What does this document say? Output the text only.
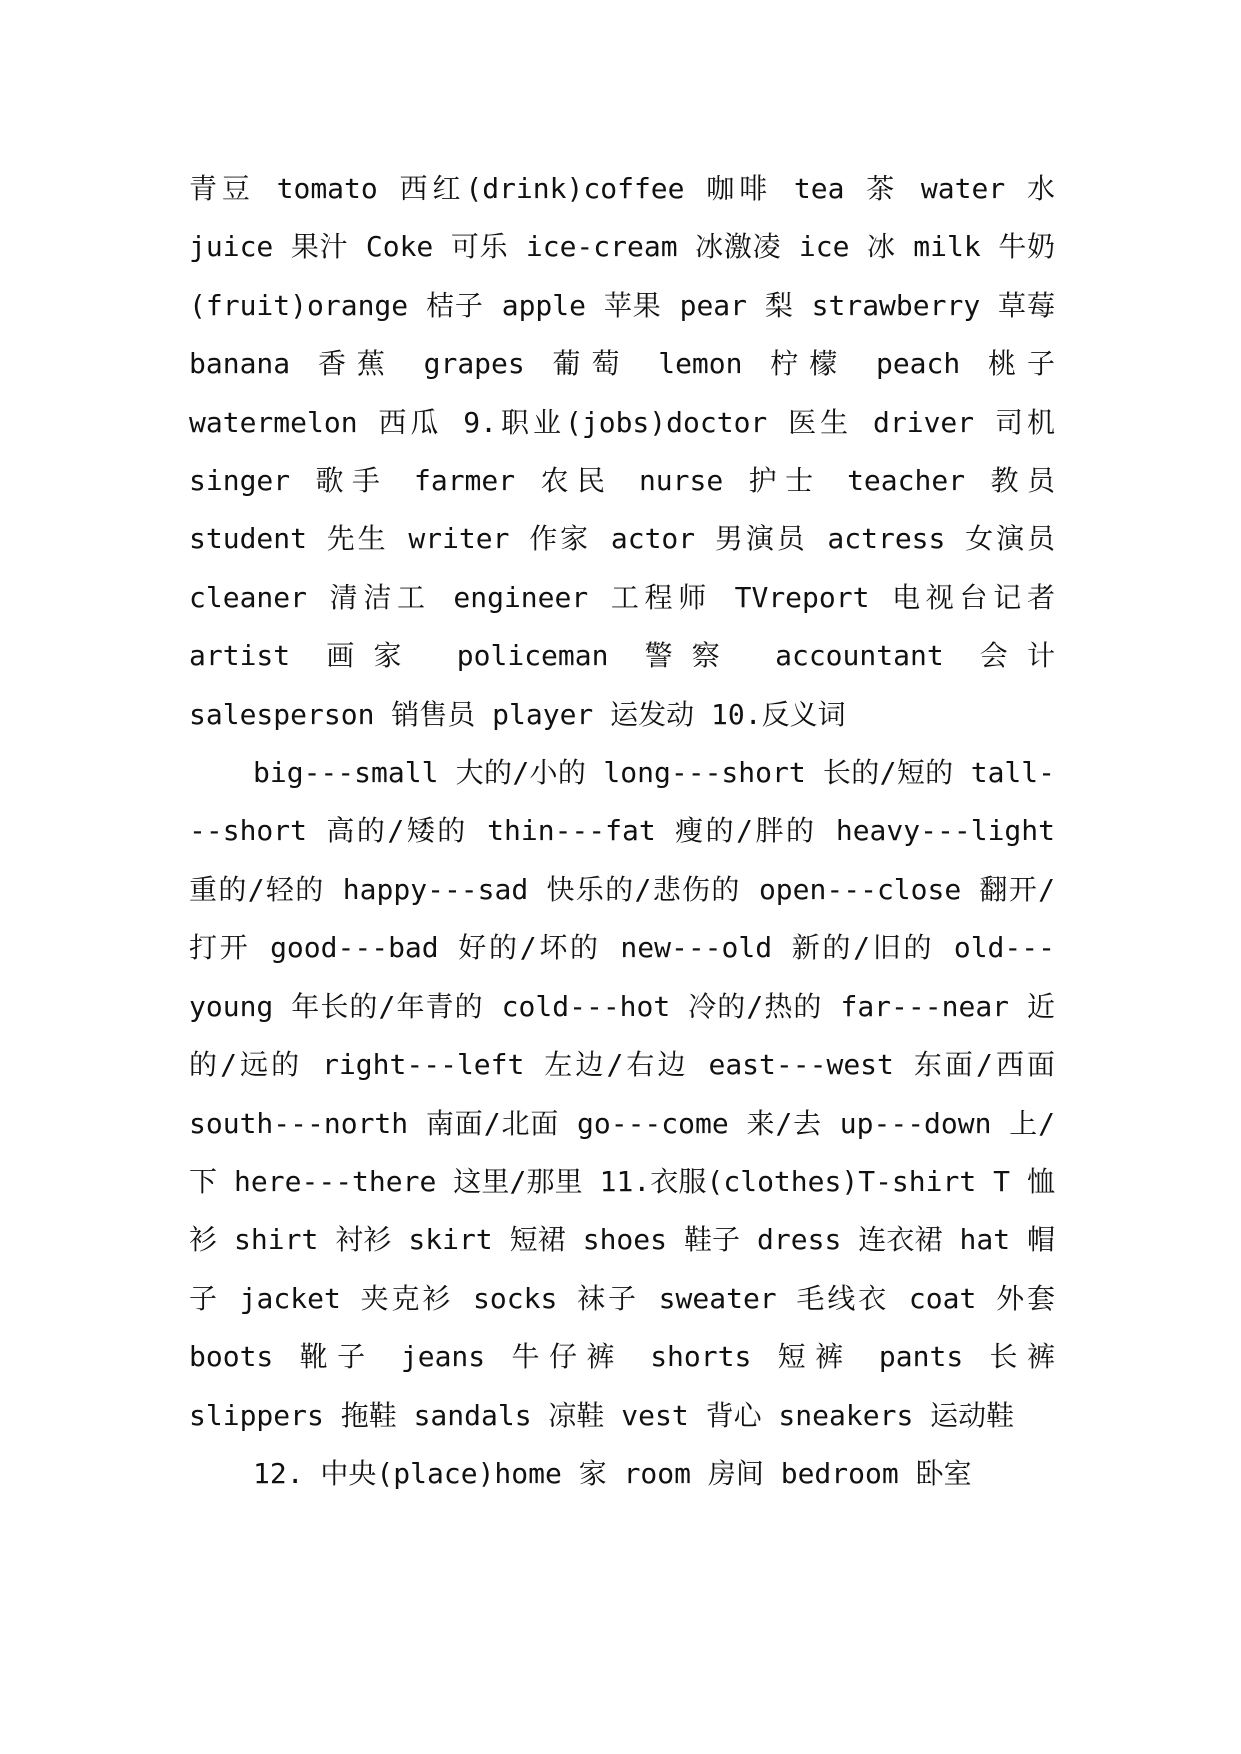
青豆 tomato 西红(drink)coffee 咖啡 tea 茶 water 水 juice 果汁 Coke 可乐 ice-cream 冰激凌 ice 冰 milk 牛奶 (fruit)orange 桔子 apple 苹果 pear 梨 strawberry 草莓 banana 香蕉 grapes 葡萄 lemon 柠檬 peach 桃子 watermelon 西瓜 9.职业(jobs)doctor 医生 driver 司机 singer 歌手 farmer 农民 nurse 护士 teacher 教员 student 先生 writer 作家 actor 男演员 actress 女演员 cleaner 清洁工 engineer 工程师 TVreport 电视台记者 artist 画家 policeman 警察 accountant 会计 salesperson 销售员 player 运发动 10.反义词

big---small 大的/小的 long---short 长的/短的 tall---short 高的/矮的 thin---fat 瘦的/胖的 heavy---light 重的/轻的 happy---sad 快乐的/悲伤的 open---close 翻开/打开 good---bad 好的/坏的 new---old 新的/旧的 old---young 年长的/年青的 cold---hot 冷的/热的 far---near 近的/远的 right---left 左边/右边 east---west 东面/西面 south---north 南面/北面 go---come 来/去 up---down 上/下 here---there 这里/那里 11.衣服(clothes)T-shirt T 恤衫 shirt 衬衫 skirt 短裙 shoes 鞋子 dress 连衣裙 hat 帽子 jacket 夹克衫 socks 袜子 sweater 毛线衣 coat 外套 boots 靴子 jeans 牛仔裤 shorts 短裤 pants 长裤 slippers 拖鞋 sandals 凉鞋 vest 背心 sneakers 运动鞋

12. 中央(place)home 家 room 房间 bedroom 卧室
